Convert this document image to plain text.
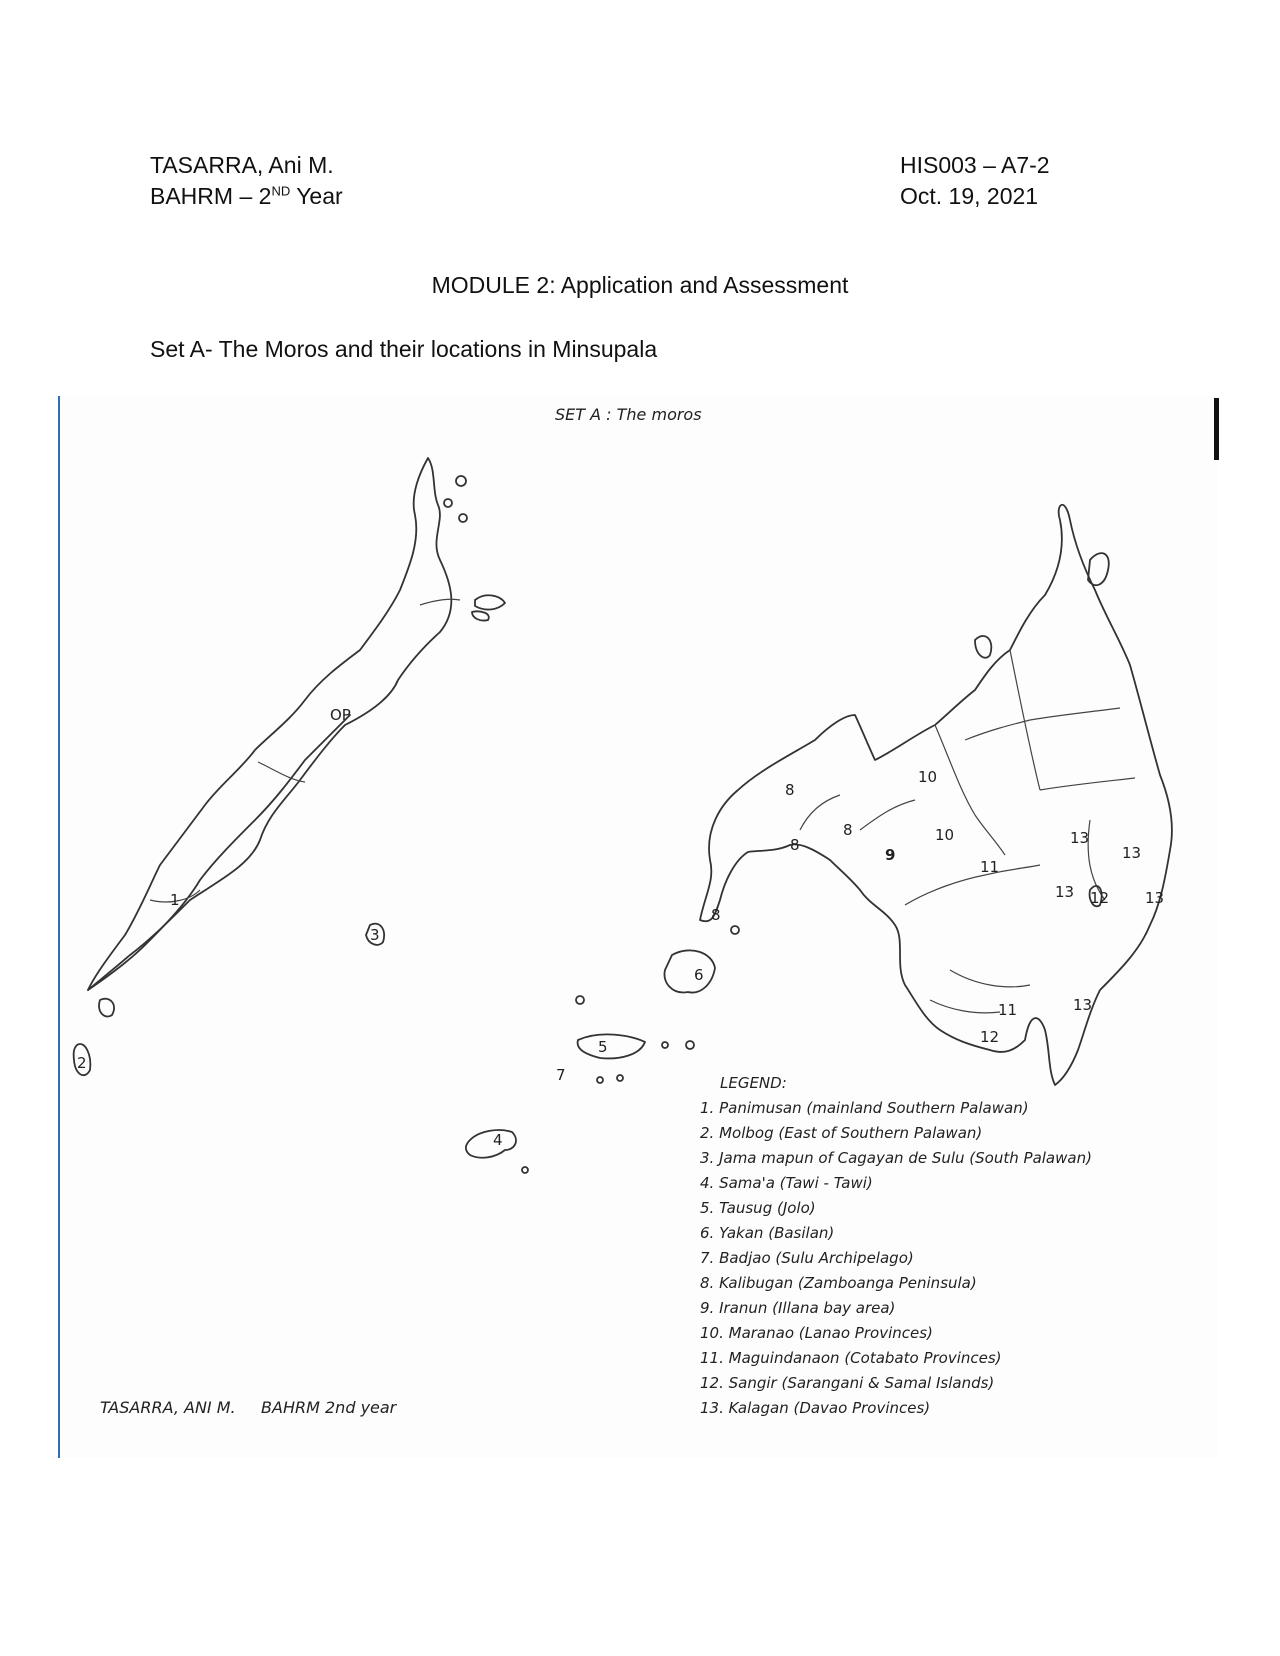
TASARRA, Ani M.
BAHRM – 2ND Year
HIS003 – A7-2
Oct. 19, 2021
MODULE 2: Application and Assessment
Set A- The Moros and their locations in Minsupala
SET A : The moros
1
2
3
OP
4
5
6
7
8
8
8
8
9
10
10
11
11
12
12
13
13
13	13
13
LEGEND:
1. Panimusan (mainland Southern Palawan)
2. Molbog (East of Southern Palawan)
3. Jama mapun of Cagayan de Sulu (South Palawan)
4. Sama'a (Tawi - Tawi)
5. Tausug (Jolo)
6. Yakan (Basilan)
7. Badjao (Sulu Archipelago)
8. Kalibugan (Zamboanga Peninsula)
9. Iranun (Illana bay area)
10. Maranao (Lanao Provinces)
11. Maguindanaon (Cotabato Provinces)
12. Sangir (Sarangani & Samal Islands)
13. Kalagan (Davao Provinces)
TASARRA, ANI M.     BAHRM 2nd year
